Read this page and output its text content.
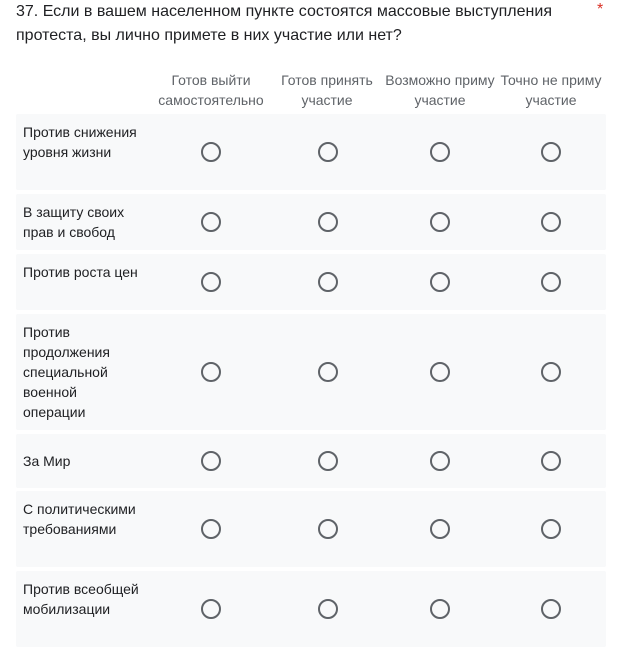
37. Если в вашем населенном пункте состоятся массовые выступления протеста, вы лично примете в них участие или нет?
*
Готов выйти самостоятельно
Готов принять участие
Возможно приму участие
Точно не приму участие
Против снижения уровня жизни
В защиту своих прав и свобод
Против роста цен
Против продолжения специальной военной операции
За Мир
С политическими требованиями
Против всеобщей мобилизации
